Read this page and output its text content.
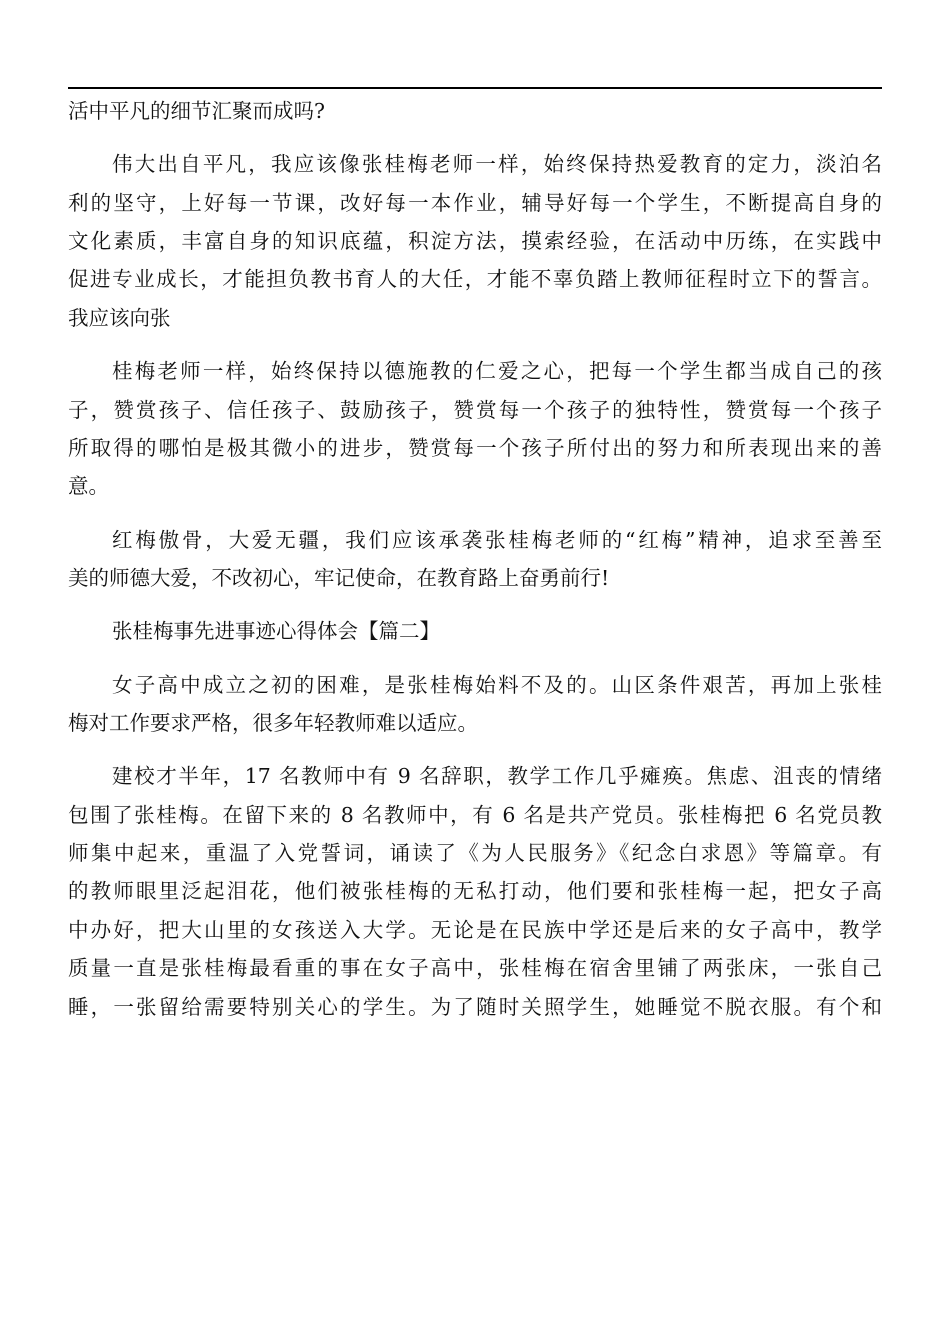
活中平凡的细节汇聚而成吗?
伟大出自平凡，我应该像张桂梅老师一样，始终保持热爱教育的定力，淡泊名
利的坚守，上好每一节课，改好每一本作业，辅导好每一个学生，不断提高自身的
文化素质，丰富自身的知识底蕴，积淀方法，摸索经验，在活动中历练，在实践中
促进专业成长，才能担负教书育人的大任，才能不辜负踏上教师征程时立下的誓言。
我应该向张
桂梅老师一样，始终保持以德施教的仁爱之心，把每一个学生都当成自己的孩
子，赞赏孩子、信任孩子、鼓励孩子，赞赏每一个孩子的独特性，赞赏每一个孩子
所取得的哪怕是极其微小的进步，赞赏每一个孩子所付出的努力和所表现出来的善
意。
红梅傲骨，大爱无疆，我们应该承袭张桂梅老师的“红梅”精神，追求至善至
美的师德大爱，不改初心，牢记使命，在教育路上奋勇前行!
张桂梅事先进事迹心得体会【篇二】
女子高中成立之初的困难，是张桂梅始料不及的。山区条件艰苦，再加上张桂
梅对工作要求严格，很多年轻教师难以适应。
建校才半年，17 名教师中有 9 名辞职，教学工作几乎瘫痪。焦虑、沮丧的情绪
包围了张桂梅。在留下来的 8 名教师中，有 6 名是共产党员。张桂梅把 6 名党员教
师集中起来，重温了入党誓词，诵读了《为人民服务》《纪念白求恩》等篇章。有
的教师眼里泛起泪花，他们被张桂梅的无私打动，他们要和张桂梅一起，把女子高
中办好，把大山里的女孩送入大学。无论是在民族中学还是后来的女子高中，教学
质量一直是张桂梅最看重的事在女子高中，张桂梅在宿舍里铺了两张床，一张自己
睡，一张留给需要特别关心的学生。为了随时关照学生，她睡觉不脱衣服。有个和
